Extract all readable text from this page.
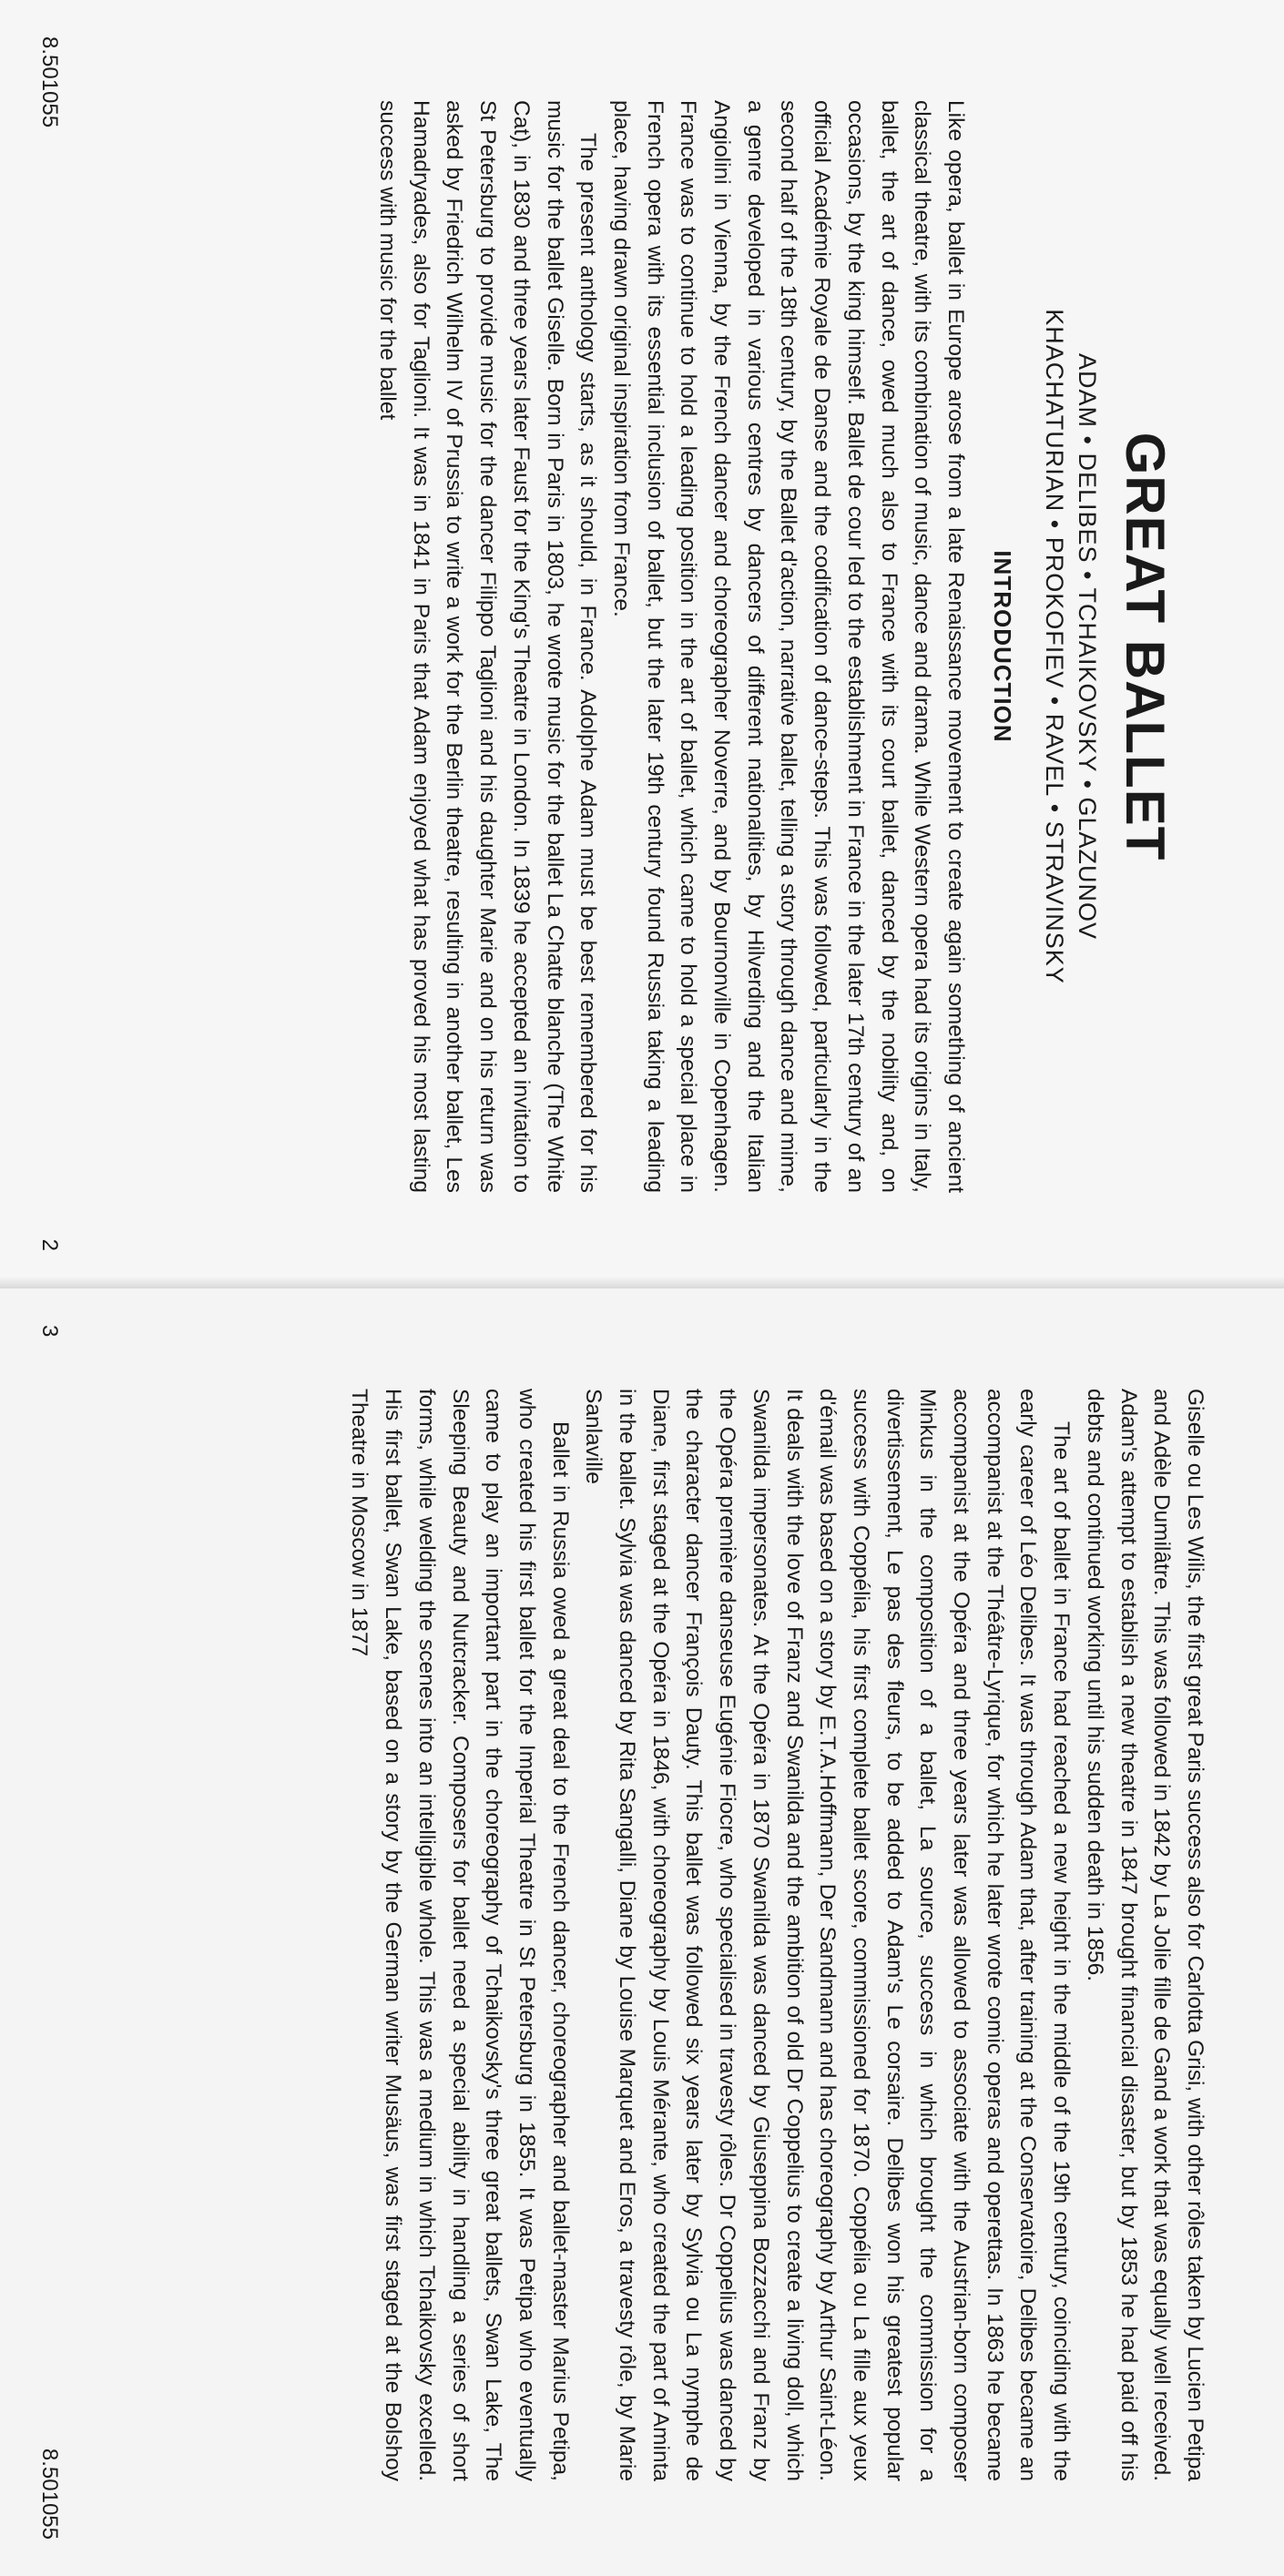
GREAT BALLET
ADAM • DELIBES • TCHAIKOVSKY • GLAZUNOV
KHACHATURIAN • PROKOFIEV • RAVEL • STRAVINSKY
INTRODUCTION

Like opera, ballet in Europe arose from a late Renaissance movement to create again something of ancient classical theatre, with its combination of music, dance and drama. While Western opera had its origins in Italy, ballet, the art of dance, owed much also to France with its court ballet, danced by the nobility and, on occasions, by the king himself. Ballet de cour led to the establishment in France in the later 17th century of an official Académie Royale de Danse and the codification of dance-steps. This was followed, particularly in the second half of the 18th century, by the Ballet d'action, narrative ballet, telling a story through dance and mime, a genre developed in various centres by dancers of different nationalities, by Hilverding and the Italian Angiolini in Vienna, by the French dancer and choreographer Noverre, and by Bournonville in Copenhagen. France was to continue to hold a leading position in the art of ballet, which came to hold a special place in French opera with its essential inclusion of ballet, but the later 19th century found Russia taking a leading place, having drawn original inspiration from France.

The present anthology starts, as it should, in France. Adolphe Adam must be best remembered for his music for the ballet Giselle. Born in Paris in 1803, he wrote music for the ballet La Chatte blanche (The White Cat), in 1830 and three years later Faust for the King's Theatre in London. In 1839 he accepted an invitation to St Petersburg to provide music for the dancer Filippo Taglioni and his daughter Marie and on his return was asked by Friedrich Wilhelm IV of Prussia to write a work for the Berlin theatre, resulting in another ballet, Les Hamadryades, also for Taglioni. It was in 1841 in Paris that Adam enjoyed what has proved his most lasting success with music for the ballet

8.501055
2

Giselle ou Les Wilis, the first great Paris success also for Carlotta Grisi, with other rôles taken by Lucien Petipa and Adèle Dumilâtre. This was followed in 1842 by La Jolie fille de Gand a work that was equally well received. Adam's attempt to establish a new theatre in 1847 brought financial disaster, but by 1853 he had paid off his debts and continued working until his sudden death in 1856.

The art of ballet in France had reached a new height in the middle of the 19th century, coinciding with the early career of Léo Delibes. It was through Adam that, after training at the Conservatoire, Delibes became an accompanist at the Théâtre-Lyrique, for which he later wrote comic operas and operettas. In 1863 he became accompanist at the Opéra and three years later was allowed to associate with the Austrian-born composer Minkus in the composition of a ballet, La source, success in which brought the commission for a divertissement, Le pas des fleurs, to be added to Adam's Le corsaire. Delibes won his greatest popular success with Coppélia, his first complete ballet score, commissioned for 1870. Coppélia ou La fille aux yeux d'émail was based on a story by E.T.A.Hoffmann, Der Sandmann and has choreography by Arthur Saint-Léon. It deals with the love of Franz and Swanilda and the ambition of old Dr Coppelius to create a living doll, which Swanilda impersonates. At the Opéra in 1870 Swanilda was danced by Giuseppina Bozzacchi and Franz by the Opéra première danseuse Eugénie Fiocre, who specialised in travesty rôles. Dr Coppelius was danced by the character dancer François Dauty. This ballet was followed six years later by Sylvia ou La nymphe de Diane, first staged at the Opéra in 1846, with choreography by Louis Mérante, who created the part of Aminta in the ballet. Sylvia was danced by Rita Sangalli, Diane by Louise Marquet and Eros, a travesty rôle, by Marie Sanlaville

Ballet in Russia owed a great deal to the French dancer, choreographer and ballet-master Marius Petipa, who created his first ballet for the Imperial Theatre in St Petersburg in 1855. It was Petipa who eventually came to play an important part in the choreography of Tchaikovsky's three great ballets, Swan Lake, The Sleeping Beauty and Nutcracker. Composers for ballet need a special ability in handling a series of short forms, while welding the scenes into an intelligible whole. This was a medium in which Tchaikovsky excelled. His first ballet, Swan Lake, based on a story by the German writer Musäus, was first staged at the Bolshoy Theatre in Moscow in 1877

3
8.501055
